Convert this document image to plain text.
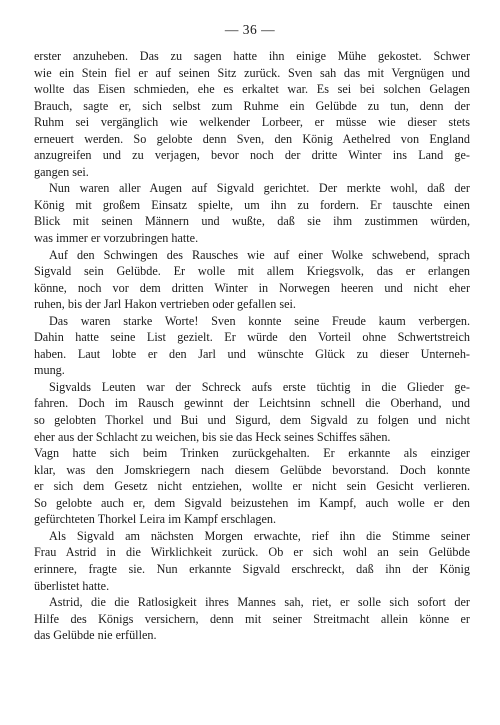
— 36 —
erster anzuheben. Das zu sagen hatte ihn einige Mühe gekostet. Schwer
wie ein Stein fiel er auf seinen Sitz zurück. Sven sah das mit Vergnügen und
wollte das Eisen schmieden, ehe es erkaltet war. Es sei bei solchen Gelagen
Brauch, sagte er, sich selbst zum Ruhme ein Gelübde zu tun, denn der
Ruhm sei vergänglich wie welkender Lorbeer, er müsse wie dieser stets
erneuert werden. So gelobte denn Sven, den König Aethelred von England
anzugreifen und zu verjagen, bevor noch der dritte Winter ins Land ge-
gangen sei.
Nun waren aller Augen auf Sigvald gerichtet. Der merkte wohl, daß der
König mit großem Einsatz spielte, um ihn zu fordern. Er tauschte einen
Blick mit seinen Männern und wußte, daß sie ihm zustimmen würden,
was immer er vorzubringen hatte.
Auf den Schwingen des Rausches wie auf einer Wolke schwebend, sprach
Sigvald sein Gelübde. Er wolle mit allem Kriegsvolk, das er erlangen
könne, noch vor dem dritten Winter in Norwegen heeren und nicht eher
ruhen, bis der Jarl Hakon vertrieben oder gefallen sei.
Das waren starke Worte! Sven konnte seine Freude kaum verbergen.
Dahin hatte seine List gezielt. Er würde den Vorteil ohne Schwertstreich
haben. Laut lobte er den Jarl und wünschte Glück zu dieser Unterneh-
mung.
Sigvalds Leuten war der Schreck aufs erste tüchtig in die Glieder ge-
fahren. Doch im Rausch gewinnt der Leichtsinn schnell die Oberhand, und
so gelobten Thorkel und Bui und Sigurd, dem Sigvald zu folgen und nicht
eher aus der Schlacht zu weichen, bis sie das Heck seines Schiffes sähen.
Vagn hatte sich beim Trinken zurückgehalten. Er erkannte als einziger
klar, was den Jomskriegern nach diesem Gelübde bevorstand. Doch konnte
er sich dem Gesetz nicht entziehen, wollte er nicht sein Gesicht verlieren.
So gelobte auch er, dem Sigvald beizustehen im Kampf, auch wolle er den
gefürchteten Thorkel Leira im Kampf erschlagen.
Als Sigvald am nächsten Morgen erwachte, rief ihn die Stimme seiner
Frau Astrid in die Wirklichkeit zurück. Ob er sich wohl an sein Gelübde
erinnere, fragte sie. Nun erkannte Sigvald erschreckt, daß ihn der König
überlistet hatte.
Astrid, die die Ratlosigkeit ihres Mannes sah, riet, er solle sich sofort der
Hilfe des Königs versichern, denn mit seiner Streitmacht allein könne er
das Gelübde nie erfüllen.
